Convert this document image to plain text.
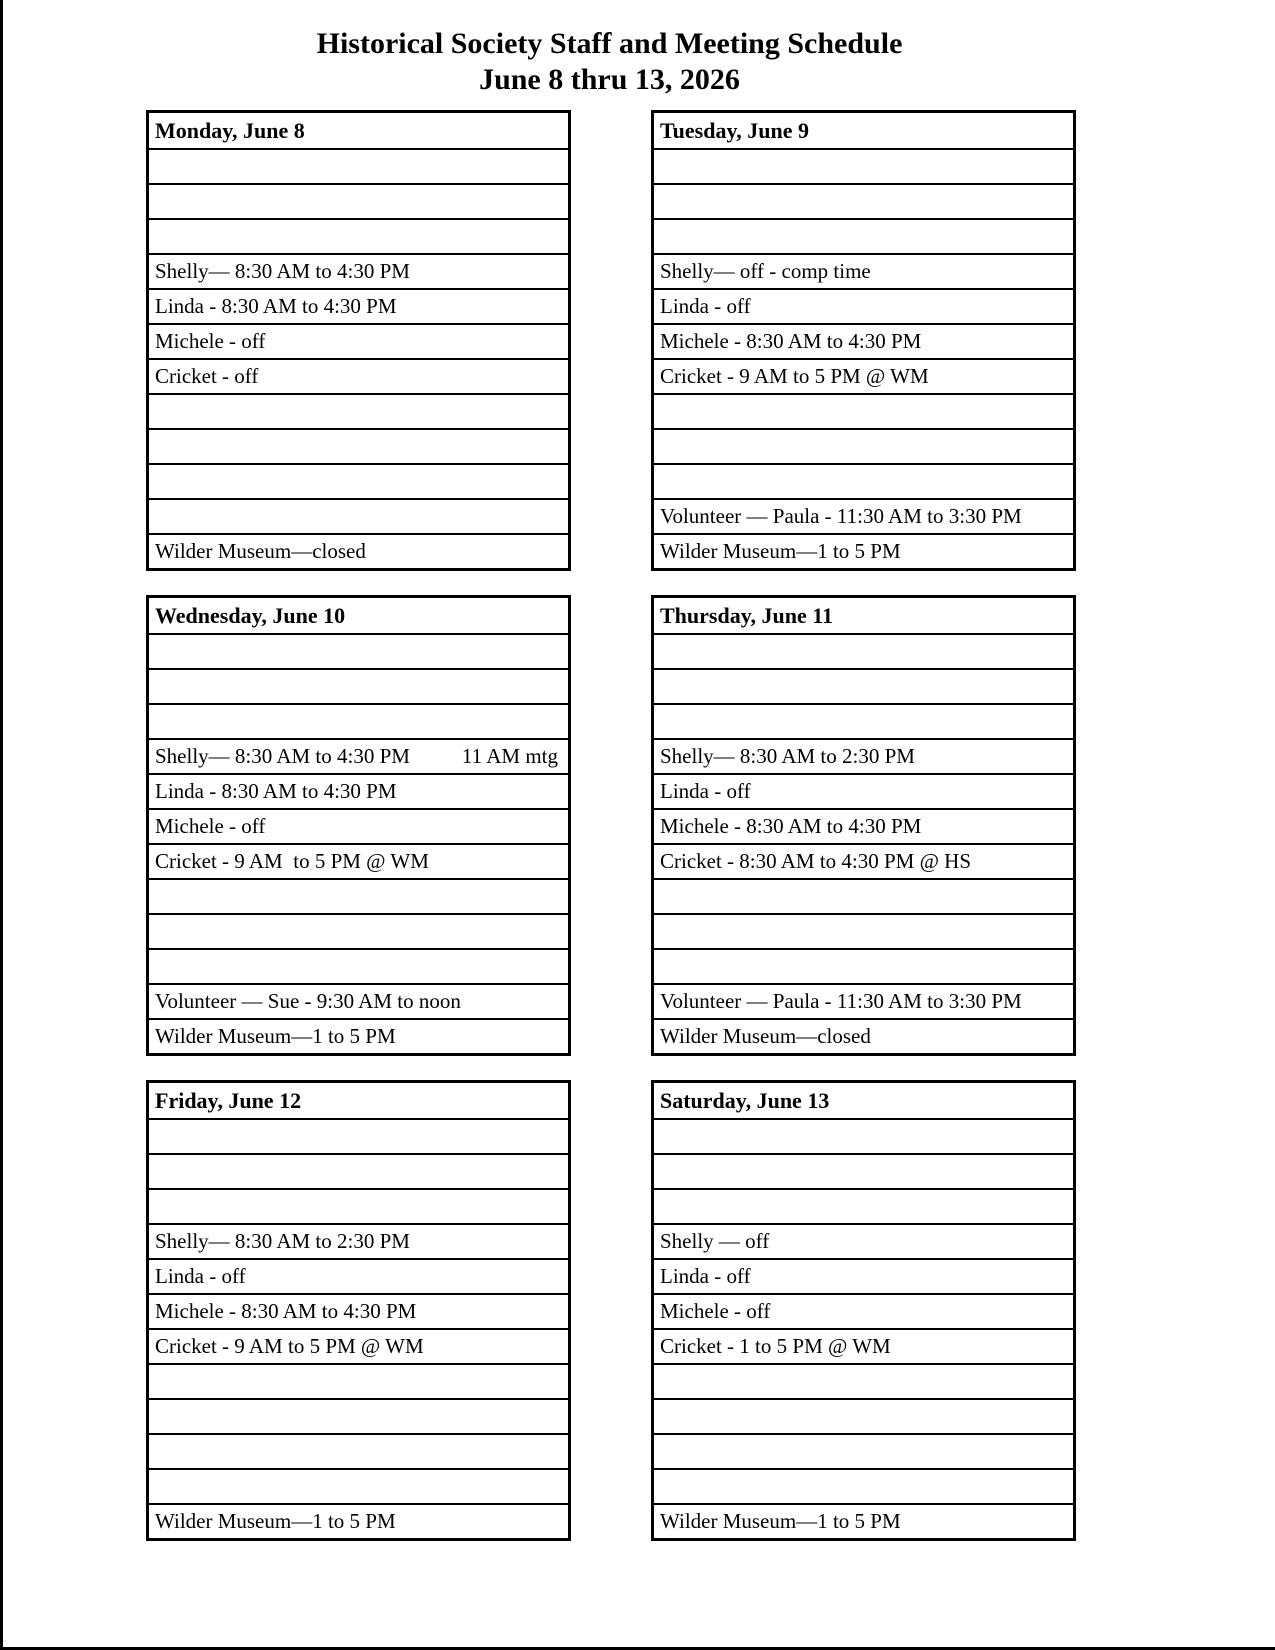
Historical Society Staff and Meeting Schedule
June 8 thru 13, 2026
Monday, June 8
Shelly— 8:30 AM to 4:30 PM
Linda - 8:30 AM to 4:30 PM
Michele - off
Cricket - off
Wilder Museum—closed
Tuesday, June 9
Shelly— off - comp time
Linda - off
Michele - 8:30 AM to 4:30 PM
Cricket - 9 AM to 5 PM @ WM
Volunteer — Paula - 11:30 AM to 3:30 PM
Wilder Museum—1 to 5 PM
Wednesday, June 10
Shelly— 8:30 AM to 4:30 PM 11 AM mtg
Linda - 8:30 AM to 4:30 PM
Michele - off
Cricket - 9 AM  to 5 PM @ WM
Volunteer — Sue - 9:30 AM to noon
Wilder Museum—1 to 5 PM
Thursday, June 11
Shelly— 8:30 AM to 2:30 PM
Linda - off
Michele - 8:30 AM to 4:30 PM
Cricket - 8:30 AM to 4:30 PM @ HS
Volunteer — Paula - 11:30 AM to 3:30 PM
Wilder Museum—closed
Friday, June 12
Shelly— 8:30 AM to 2:30 PM
Linda - off
Michele - 8:30 AM to 4:30 PM
Cricket - 9 AM to 5 PM @ WM
Wilder Museum—1 to 5 PM
Saturday, June 13
Shelly — off
Linda - off
Michele - off
Cricket - 1 to 5 PM @ WM
Wilder Museum—1 to 5 PM
